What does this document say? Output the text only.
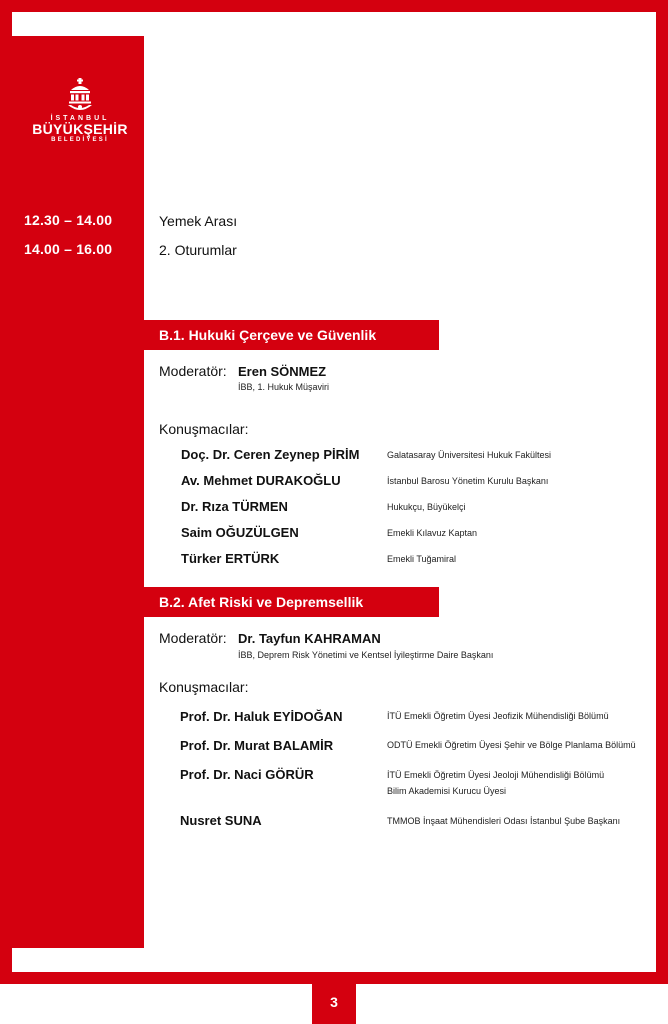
İSTANBUL
BÜYÜKŞEHİR
BELEDİYESİ
12.30 – 14.00	Yemek Arası
14.00 – 16.00	2. Oturumlar
B.1. Hukuki Çerçeve ve Güvenlik
Moderatör: Eren SÖNMEZ
İBB, 1. Hukuk Müşaviri
Konuşmacılar:
Doç. Dr. Ceren Zeynep PİRİM	Galatasaray Üniversitesi Hukuk Fakültesi
Av. Mehmet DURAKOĞLU	İstanbul Barosu Yönetim Kurulu Başkanı
Dr. Rıza TÜRMEN	Hukukçu, Büyükelçi
Saim OĞUZÜLGEN	Emekli Kılavuz Kaptan
Türker ERTÜRK	Emekli Tuğamiral
B.2. Afet Riski ve Depremsellik
Moderatör: Dr. Tayfun KAHRAMAN
İBB, Deprem Risk Yönetimi ve Kentsel İyileştirme Daire Başkanı
Konuşmacılar:
Prof. Dr. Haluk EYİDOĞAN	İTÜ Emekli Öğretim Üyesi Jeofizik Mühendisliği Bölümü
Prof. Dr. Murat BALAMİR	ODTÜ Emekli Öğretim Üyesi Şehir ve Bölge Planlama Bölümü
Prof. Dr. Naci GÖRÜR	İTÜ Emekli Öğretim Üyesi Jeoloji Mühendisliği Bölümü
Bilim Akademisi Kurucu Üyesi
Nusret SUNA	TMMOB İnşaat Mühendisleri Odası İstanbul Şube Başkanı
3
